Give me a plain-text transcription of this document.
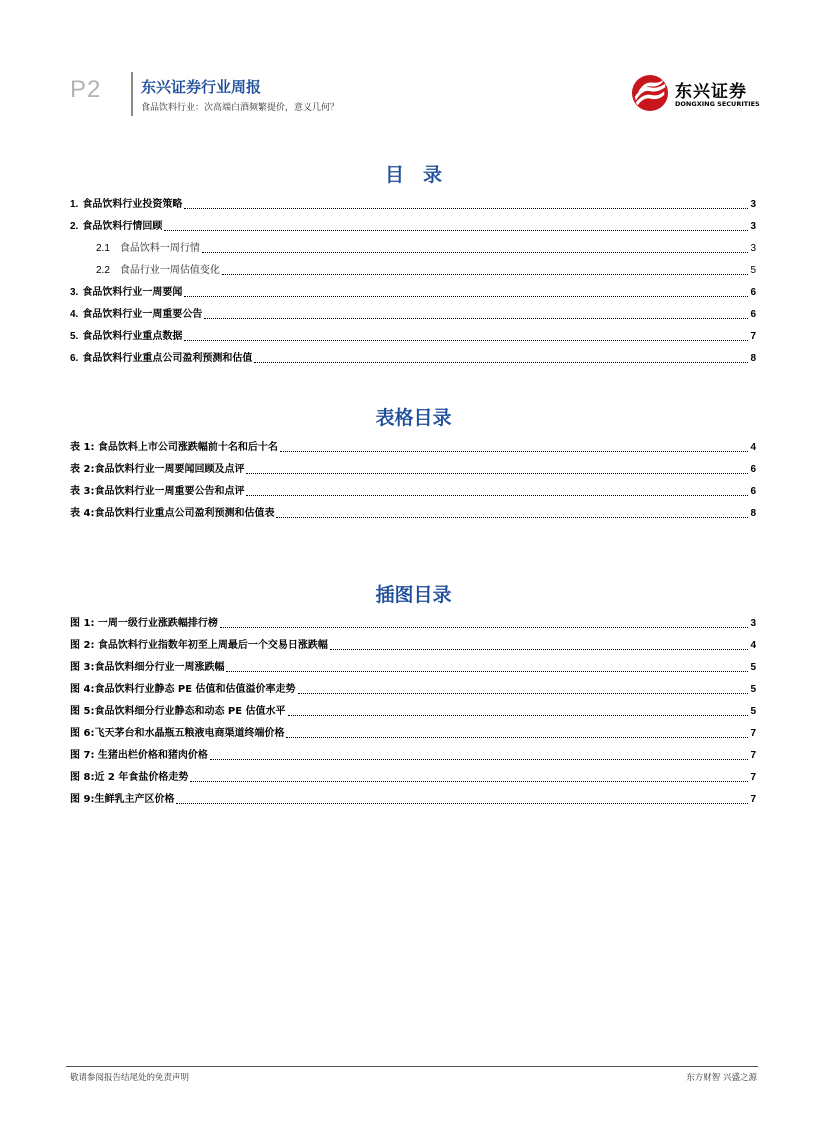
P2	东兴证券行业周报
食品饮料行业：次高端白酒频繁提价，意义几何？
东兴证券
DONGXING SECURITIES
目　录
1. 食品饮料行业投资策略	3
2. 食品饮料行情回顾	3
2.1 食品饮料一周行情	3
2.2 食品行业一周估值变化	5
3. 食品饮料行业一周要闻	6
4. 食品饮料行业一周重要公告	6
5. 食品饮料行业重点数据	7
6. 食品饮料行业重点公司盈利预测和估值	8
表格目录
表 1: 食品饮料上市公司涨跌幅前十名和后十名	4
表 2:食品饮料行业一周要闻回顾及点评	6
表 3:食品饮料行业一周重要公告和点评	6
表 4:食品饮料行业重点公司盈利预测和估值表	8
插图目录
图 1: 一周一级行业涨跌幅排行榜	3
图 2: 食品饮料行业指数年初至上周最后一个交易日涨跌幅	4
图 3:食品饮料细分行业一周涨跌幅	5
图 4:食品饮料行业静态 PE 估值和估值溢价率走势	5
图 5:食品饮料细分行业静态和动态 PE 估值水平	5
图 6:飞天茅台和水晶瓶五粮液电商渠道终端价格	7
图 7: 生猪出栏价格和猪肉价格	7
图 8:近 2 年食盐价格走势	7
图 9:生鲜乳主产区价格	7
敬请参阅报告结尾处的免责声明	东方财智 兴盛之源
